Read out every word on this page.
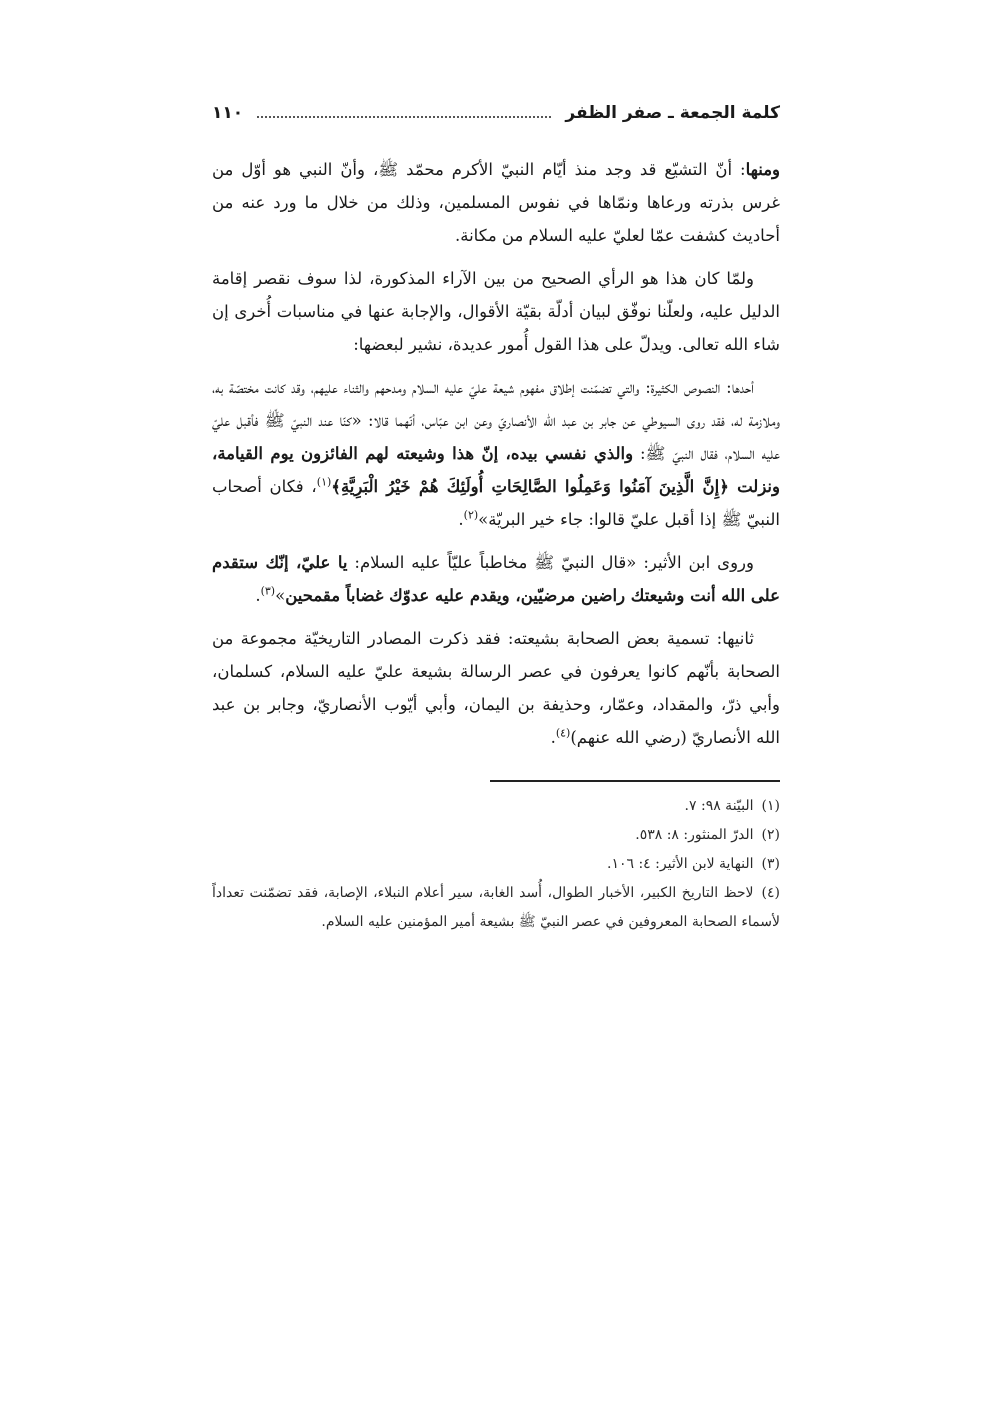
كلمة الجمعة ـ صفر الظفر
١١٠

ومنها: أنّ التشيّع قد وجد منذ أيّام النبيّ الأكرم محمّد ﷺ، وأنّ النبي هو أوّل من غرس بذرته ورعاها ونمّاها في نفوس المسلمين، وذلك من خلال ما ورد عنه من أحاديث كشفت عمّا لعليّ عليه السلام من مكانة.

ولمّا كان هذا هو الرأي الصحيح من بين الآراء المذكورة، لذا سوف نقصر إقامة الدليل عليه، ولعلّنا نوفّق لبيان أدلّة بقيّة الأقوال، والإجابة عنها في مناسبات أُخرى إن شاء الله تعالى. ويدلّ على هذا القول أُمور عديدة، نشير لبعضها:

أحدها: النصوص الكثيرة: والتي تضمّنت إطلاق مفهوم شيعة عليّ عليه السلام ومدحهم والثناء عليهم، وقد كانت مختصّة به، وملازمة له، فقد روى السيوطي عن جابر بن عبد الله الأنصاريّ وعن ابن عبّاس، أنّهما قالا: «كنّا عند النبيّ ﷺ فأقبل عليّ عليه السلام، فقال النبيّ ﷺ: والذي نفسي بيده، إنّ هذا وشيعته لهم الفائزون يوم القيامة، ونزلت ﴿إِنَّ الَّذِينَ آمَنُوا وَعَمِلُوا الصَّالِحَاتِ أُولَئِكَ هُمْ خَيْرُ الْبَرِيَّةِ﴾$^{(١)}$، فكان أصحاب النبيّ ﷺ إذا أقبل عليّ قالوا: جاء خير البريّة»$^{(٢)}$.

وروى ابن الأثير: «قال النبيّ ﷺ مخاطباً عليّاً عليه السلام: يا عليّ، إنّك ستقدم على الله أنت وشيعتك راضين مرضيّين، ويقدم عليه عدوّك غضاباً مقمحين»$^{(٣)}$.

ثانيها: تسمية بعض الصحابة بشيعته: فقد ذكرت المصادر التاريخيّة مجموعة من الصحابة بأنّهم كانوا يعرفون في عصر الرسالة بشيعة عليّ عليه السلام، كسلمان، وأبي ذرّ، والمقداد، وعمّار، وحذيفة بن اليمان، وأبي أيّوب الأنصاريّ، وجابر بن عبد الله الأنصاريّ (رضي الله عنهم)$^{(٤)}$.

(١)البيّنة ٩٨: ٧.

(٢)الدرّ المنثور: ٨: ٥٣٨.

(٣)النهاية لابن الأثير: ٤: ١٠٦.

(٤)لاحظ التاريخ الكبير، الأخبار الطوال، أُسد الغابة، سير أعلام النبلاء، الإصابة، فقد تضمّنت تعداداً لأسماء الصحابة المعروفين في عصر النبيّ ﷺ بشيعة أمير المؤمنين عليه السلام.
